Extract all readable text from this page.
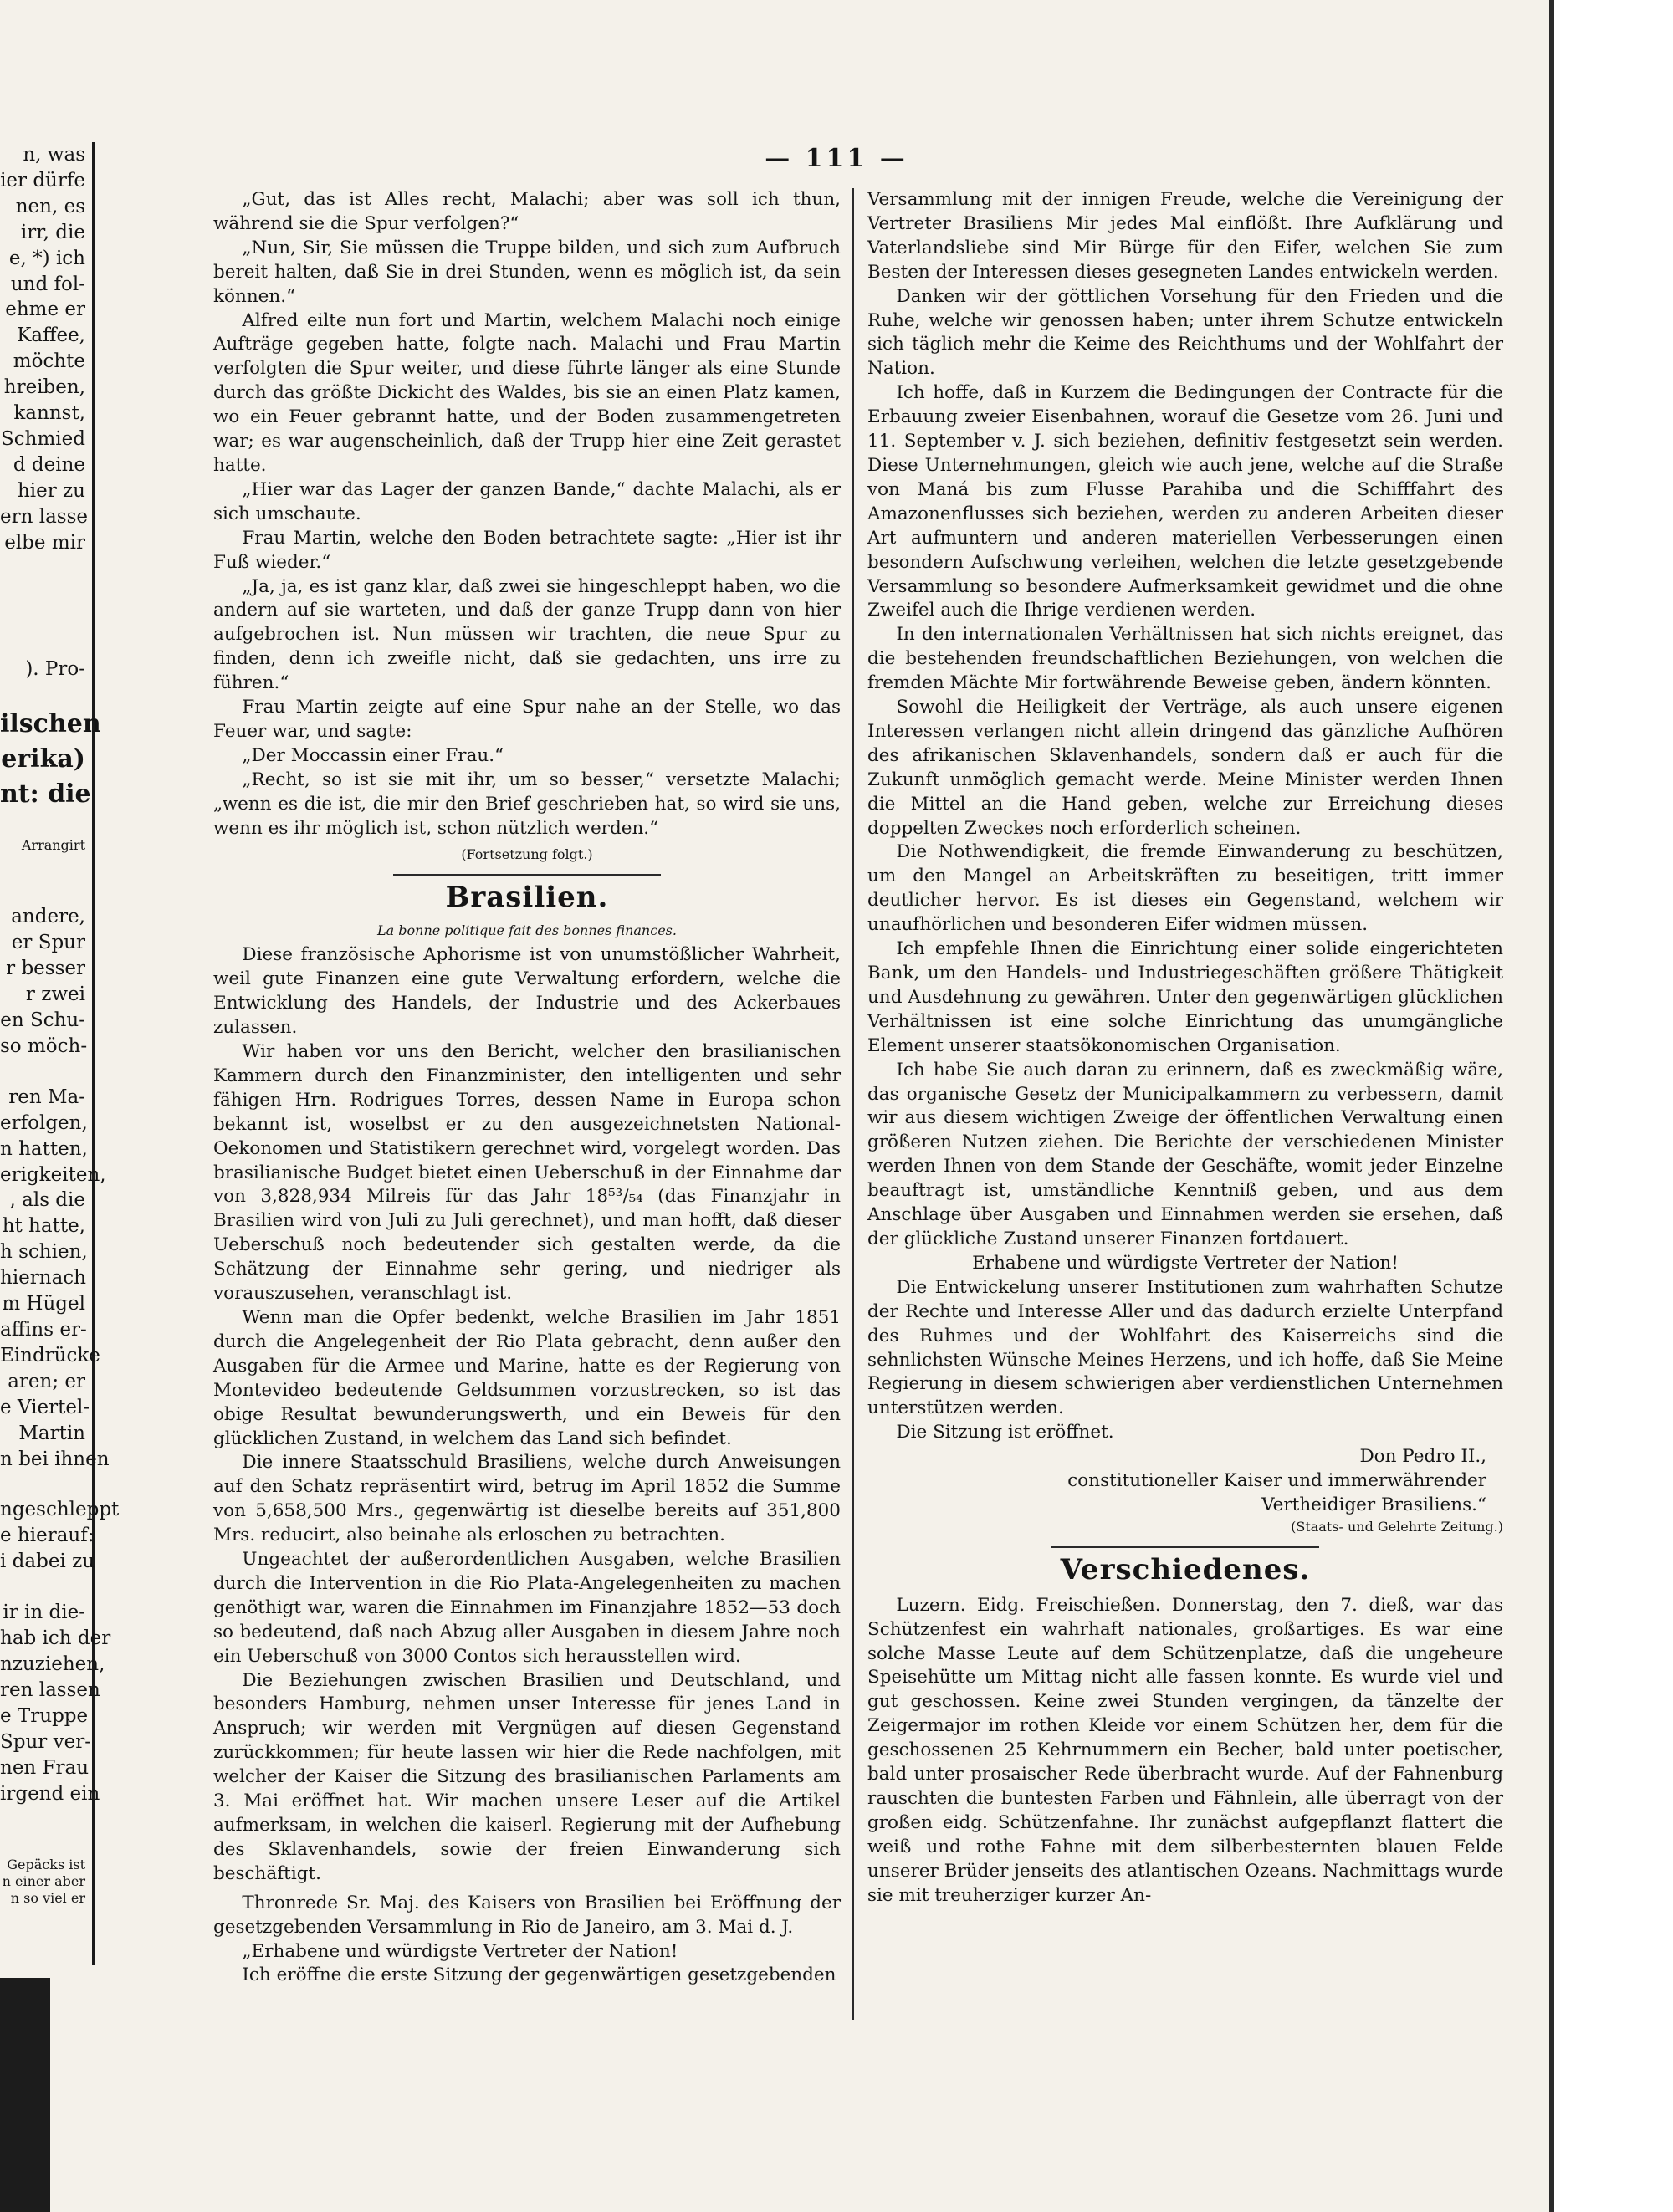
n, was
ier dürfe
nen, es
irr, die
e, *) ich
und fol-
ehme er
Kaffee,
möchte
hreiben,
kannst,
Schmied
d deine
hier zu
ern lasse
elbe mir
). Pro-
ilschen
erika)
nt: die
Arrangirt
andere,
er Spur
r besser
r zwei
en Schu-
so möch-
ren Ma-
erfolgen,
n hatten,
erigkeiten,
, als die
ht hatte,
h schien,
hiernach
m Hügel
affins er-
Eindrücke
aren; er
e Viertel-
Martin
n bei ihnen
ngeschleppt
e hierauf:
i dabei zu
ir in die-
hab ich der
nzuziehen,
ren lassen
e Truppe
Spur ver-
nen Frau
irgend ein
Gepäcks ist
n einer aber
n so viel er
— 111 —

„Gut, das ist Alles recht, Malachi; aber was soll ich thun, während sie die Spur verfolgen?“

„Nun, Sir, Sie müssen die Truppe bilden, und sich zum Aufbruch bereit halten, daß Sie in drei Stunden, wenn es möglich ist, da sein können.“

Alfred eilte nun fort und Martin, welchem Malachi noch einige Aufträge gegeben hatte, folgte nach. Malachi und Frau Martin verfolgten die Spur weiter, und diese führte länger als eine Stunde durch das größte Dickicht des Waldes, bis sie an einen Platz kamen, wo ein Feuer gebrannt hatte, und der Boden zusammengetreten war; es war augenscheinlich, daß der Trupp hier eine Zeit gerastet hatte.

„Hier war das Lager der ganzen Bande,“ dachte Malachi, als er sich umschaute.

Frau Martin, welche den Boden betrachtete sagte: „Hier ist ihr Fuß wieder.“

„Ja, ja, es ist ganz klar, daß zwei sie hingeschleppt haben, wo die andern auf sie warteten, und daß der ganze Trupp dann von hier aufgebrochen ist. Nun müssen wir trachten, die neue Spur zu finden, denn ich zweifle nicht, daß sie gedachten, uns irre zu führen.“

Frau Martin zeigte auf eine Spur nahe an der Stelle, wo das Feuer war, und sagte:

„Der Moccassin einer Frau.“

„Recht, so ist sie mit ihr, um so besser,“ versetzte Malachi; „wenn es die ist, die mir den Brief geschrieben hat, so wird sie uns, wenn es ihr möglich ist, schon nützlich werden.“

(Fortsetzung folgt.)

Brasilien.

La bonne politique fait des bonnes finances.

Diese französische Aphorisme ist von unumstößlicher Wahrheit, weil gute Finanzen eine gute Verwaltung erfordern, welche die Entwicklung des Handels, der Industrie und des Ackerbaues zulassen.

Wir haben vor uns den Bericht, welcher den brasilianischen Kammern durch den Finanzminister, den intelligenten und sehr fähigen Hrn. Rodrigues Torres, dessen Name in Europa schon bekannt ist, woselbst er zu den ausgezeichnetsten National-Oekonomen und Statistikern gerechnet wird, vorgelegt worden. Das brasilianische Budget bietet einen Ueberschuß in der Einnahme dar von 3,828,934 Milreis für das Jahr 18⁵³/₅₄ (das Finanzjahr in Brasilien wird von Juli zu Juli gerechnet), und man hofft, daß dieser Ueberschuß noch bedeutender sich gestalten werde, da die Schätzung der Einnahme sehr gering, und niedriger als vorauszusehen, veranschlagt ist.

Wenn man die Opfer bedenkt, welche Brasilien im Jahr 1851 durch die Angelegenheit der Rio Plata gebracht, denn außer den Ausgaben für die Armee und Marine, hatte es der Regierung von Montevideo bedeutende Geldsummen vorzustrecken, so ist das obige Resultat bewunderungswerth, und ein Beweis für den glücklichen Zustand, in welchem das Land sich befindet.

Die innere Staatsschuld Brasiliens, welche durch Anweisungen auf den Schatz repräsentirt wird, betrug im April 1852 die Summe von 5,658,500 Mrs., gegenwärtig ist dieselbe bereits auf 351,800 Mrs. reducirt, also beinahe als erloschen zu betrachten.

Ungeachtet der außerordentlichen Ausgaben, welche Brasilien durch die Intervention in die Rio Plata-Angelegenheiten zu machen genöthigt war, waren die Einnahmen im Finanzjahre 1852—53 doch so bedeutend, daß nach Abzug aller Ausgaben in diesem Jahre noch ein Ueberschuß von 3000 Contos sich herausstellen wird.

Die Beziehungen zwischen Brasilien und Deutschland, und besonders Hamburg, nehmen unser Interesse für jenes Land in Anspruch; wir werden mit Vergnügen auf diesen Gegenstand zurückkommen; für heute lassen wir hier die Rede nachfolgen, mit welcher der Kaiser die Sitzung des brasilianischen Parlaments am 3. Mai eröffnet hat. Wir machen unsere Leser auf die Artikel aufmerksam, in welchen die kaiserl. Regierung mit der Aufhebung des Sklavenhandels, sowie der freien Einwanderung sich beschäftigt.

Thronrede Sr. Maj. des Kaisers von Brasilien bei Eröffnung der gesetzgebenden Versammlung in Rio de Janeiro, am 3. Mai d. J.

„Erhabene und würdigste Vertreter der Nation!

Ich eröffne die erste Sitzung der gegenwärtigen gesetzgebenden

Versammlung mit der innigen Freude, welche die Vereinigung der Vertreter Brasiliens Mir jedes Mal einflößt. Ihre Aufklärung und Vaterlandsliebe sind Mir Bürge für den Eifer, welchen Sie zum Besten der Interessen dieses gesegneten Landes entwickeln werden.

Danken wir der göttlichen Vorsehung für den Frieden und die Ruhe, welche wir genossen haben; unter ihrem Schutze entwickeln sich täglich mehr die Keime des Reichthums und der Wohlfahrt der Nation.

Ich hoffe, daß in Kurzem die Bedingungen der Contracte für die Erbauung zweier Eisenbahnen, worauf die Gesetze vom 26. Juni und 11. September v. J. sich beziehen, definitiv festgesetzt sein werden. Diese Unternehmungen, gleich wie auch jene, welche auf die Straße von Maná bis zum Flusse Parahiba und die Schifffahrt des Amazonenflusses sich beziehen, werden zu anderen Arbeiten dieser Art aufmuntern und anderen materiellen Verbesserungen einen besondern Aufschwung verleihen, welchen die letzte gesetzgebende Versammlung so besondere Aufmerksamkeit gewidmet und die ohne Zweifel auch die Ihrige verdienen werden.

In den internationalen Verhältnissen hat sich nichts ereignet, das die bestehenden freundschaftlichen Beziehungen, von welchen die fremden Mächte Mir fortwährende Beweise geben, ändern könnten.

Sowohl die Heiligkeit der Verträge, als auch unsere eigenen Interessen verlangen nicht allein dringend das gänzliche Aufhören des afrikanischen Sklavenhandels, sondern daß er auch für die Zukunft unmöglich gemacht werde. Meine Minister werden Ihnen die Mittel an die Hand geben, welche zur Erreichung dieses doppelten Zweckes noch erforderlich scheinen.

Die Nothwendigkeit, die fremde Einwanderung zu beschützen, um den Mangel an Arbeitskräften zu beseitigen, tritt immer deutlicher hervor. Es ist dieses ein Gegenstand, welchem wir unaufhörlichen und besonderen Eifer widmen müssen.

Ich empfehle Ihnen die Einrichtung einer solide eingerichteten Bank, um den Handels- und Industriegeschäften größere Thätigkeit und Ausdehnung zu gewähren. Unter den gegenwärtigen glücklichen Verhältnissen ist eine solche Einrichtung das unumgängliche Element unserer staatsökonomischen Organisation.

Ich habe Sie auch daran zu erinnern, daß es zweckmäßig wäre, das organische Gesetz der Municipalkammern zu verbessern, damit wir aus diesem wichtigen Zweige der öffentlichen Verwaltung einen größeren Nutzen ziehen. Die Berichte der verschiedenen Minister werden Ihnen von dem Stande der Geschäfte, womit jeder Einzelne beauftragt ist, umständliche Kenntniß geben, und aus dem Anschlage über Ausgaben und Einnahmen werden sie ersehen, daß der glückliche Zustand unserer Finanzen fortdauert.

Erhabene und würdigste Vertreter der Nation!

Die Entwickelung unserer Institutionen zum wahrhaften Schutze der Rechte und Interesse Aller und das dadurch erzielte Unterpfand des Ruhmes und der Wohlfahrt des Kaiserreichs sind die sehnlichsten Wünsche Meines Herzens, und ich hoffe, daß Sie Meine Regierung in diesem schwierigen aber verdienstlichen Unternehmen unterstützen werden.

Die Sitzung ist eröffnet.

Don Pedro II.,

constitutioneller Kaiser und immerwährender

Vertheidiger Brasiliens.“

(Staats- und Gelehrte Zeitung.)

Verschiedenes.

Luzern. Eidg. Freischießen. Donnerstag, den 7. dieß, war das Schützenfest ein wahrhaft nationales, großartiges. Es war eine solche Masse Leute auf dem Schützenplatze, daß die ungeheure Speisehütte um Mittag nicht alle fassen konnte. Es wurde viel und gut geschossen. Keine zwei Stunden vergingen, da tänzelte der Zeigermajor im rothen Kleide vor einem Schützen her, dem für die geschossenen 25 Kehrnummern ein Becher, bald unter poetischer, bald unter prosaischer Rede überbracht wurde. Auf der Fahnenburg rauschten die buntesten Farben und Fähnlein, alle überragt von der großen eidg. Schützenfahne. Ihr zunächst aufgepflanzt flattert die weiß und rothe Fahne mit dem silberbesternten blauen Felde unserer Brüder jenseits des atlantischen Ozeans. Nachmittags wurde sie mit treuherziger kurzer An-
